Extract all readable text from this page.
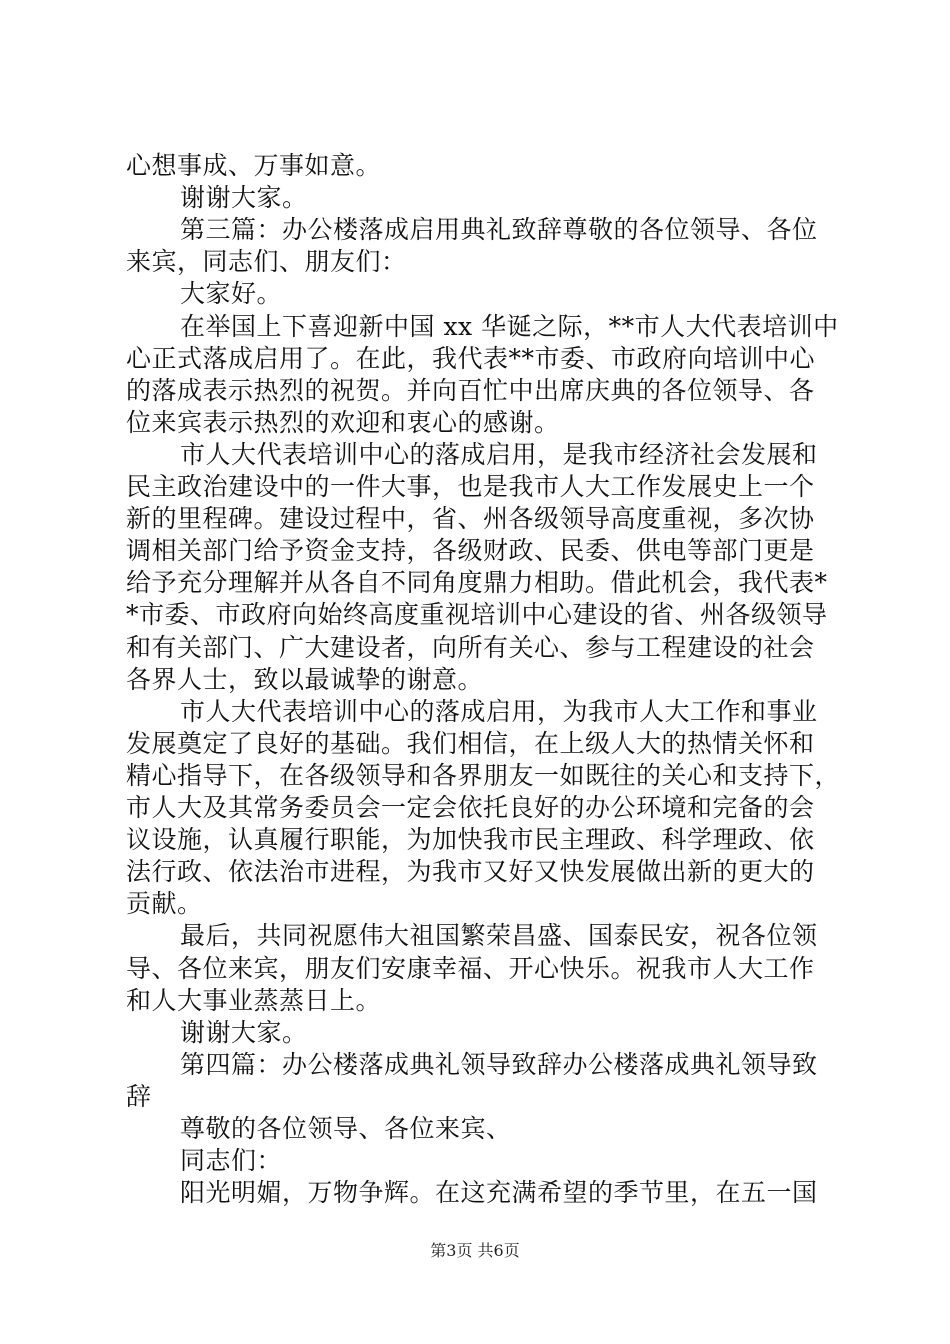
心想事成、万事如意。
谢谢大家。
第三篇：办公楼落成启用典礼致辞尊敬的各位领导、各位
来宾，同志们、朋友们：
大家好。
在举国上下喜迎新中国 xx 华诞之际，**市人大代表培训中
心正式落成启用了。在此，我代表**市委、市政府向培训中心
的落成表示热烈的祝贺。并向百忙中出席庆典的各位领导、各
位来宾表示热烈的欢迎和衷心的感谢。
市人大代表培训中心的落成启用，是我市经济社会发展和
民主政治建设中的一件大事，也是我市人大工作发展史上一个
新的里程碑。建设过程中，省、州各级领导高度重视，多次协
调相关部门给予资金支持，各级财政、民委、供电等部门更是
给予充分理解并从各自不同角度鼎力相助。借此机会，我代表*
*市委、市政府向始终高度重视培训中心建设的省、州各级领导
和有关部门、广大建设者，向所有关心、参与工程建设的社会
各界人士，致以最诚挚的谢意。
市人大代表培训中心的落成启用，为我市人大工作和事业
发展奠定了良好的基础。我们相信，在上级人大的热情关怀和
精心指导下，在各级领导和各界朋友一如既往的关心和支持下，
市人大及其常务委员会一定会依托良好的办公环境和完备的会
议设施，认真履行职能，为加快我市民主理政、科学理政、依
法行政、依法治市进程，为我市又好又快发展做出新的更大的
贡献。
最后，共同祝愿伟大祖国繁荣昌盛、国泰民安，祝各位领
导、各位来宾，朋友们安康幸福、开心快乐。祝我市人大工作
和人大事业蒸蒸日上。
谢谢大家。
第四篇：办公楼落成典礼领导致辞办公楼落成典礼领导致
辞
尊敬的各位领导、各位来宾、
同志们：
阳光明媚，万物争辉。在这充满希望的季节里，在五一国
第3页 共6页
